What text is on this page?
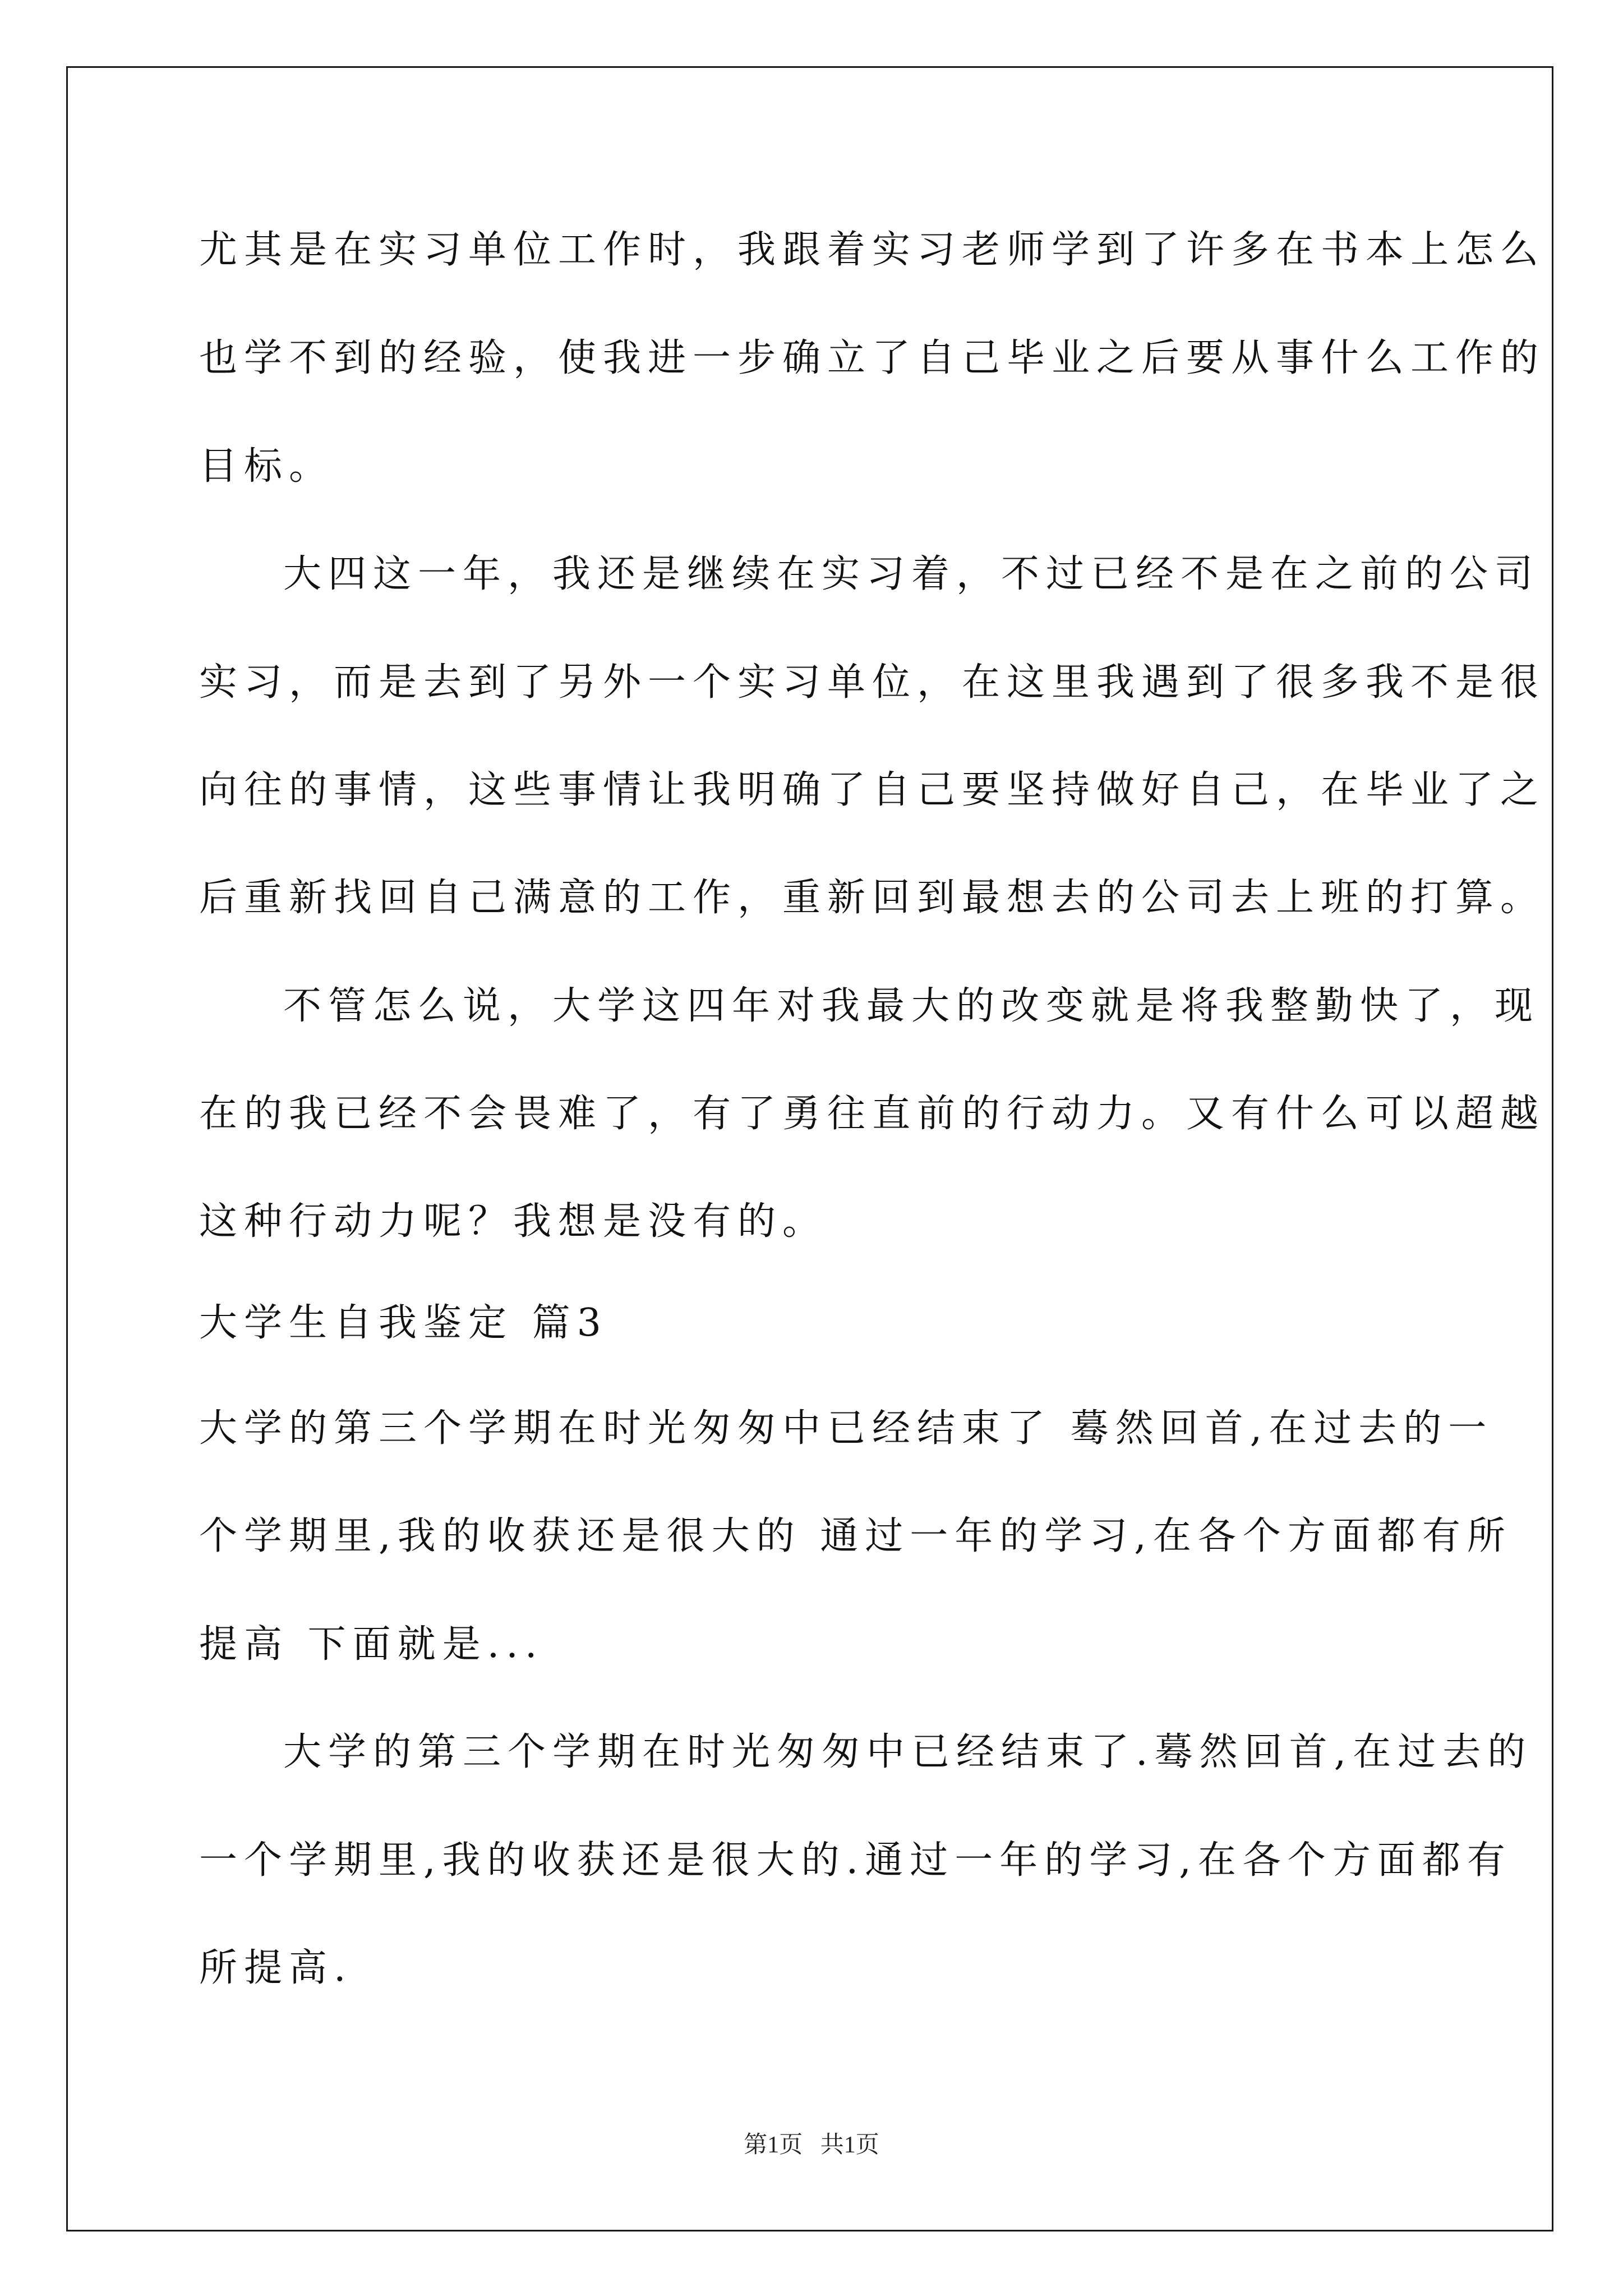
尤其是在实习单位工作时，我跟着实习老师学到了许多在书本上怎么

也学不到的经验，使我进一步确立了自己毕业之后要从事什么工作的

目标。

大四这一年，我还是继续在实习着，不过已经不是在之前的公司

实习，而是去到了另外一个实习单位，在这里我遇到了很多我不是很

向往的事情，这些事情让我明确了自己要坚持做好自己，在毕业了之

后重新找回自己满意的工作，重新回到最想去的公司去上班的打算。

不管怎么说，大学这四年对我最大的改变就是将我整勤快了，现

在的我已经不会畏难了，有了勇往直前的行动力。又有什么可以超越

这种行动力呢？我想是没有的。

大学生自我鉴定 篇3

大学的第三个学期在时光匆匆中已经结束了 蓦然回首,在过去的一

个学期里,我的收获还是很大的 通过一年的学习,在各个方面都有所

提高 下面就是...

大学的第三个学期在时光匆匆中已经结束了.蓦然回首,在过去的

一个学期里,我的收获还是很大的.通过一年的学习,在各个方面都有

所提高.

第1页   共1页
